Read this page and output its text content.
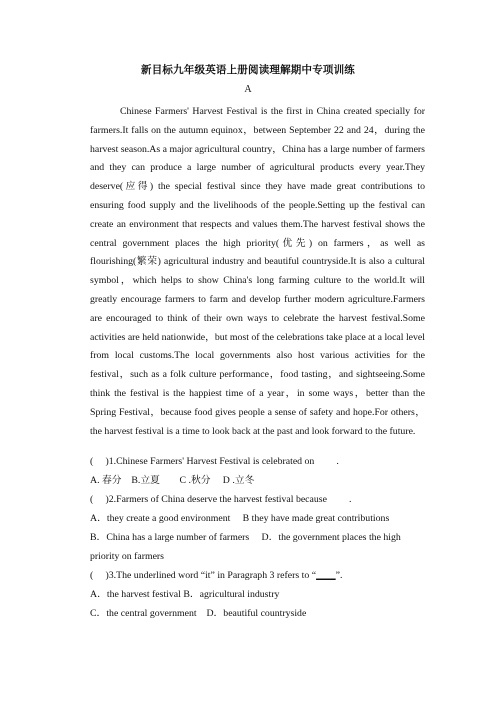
新目标九年级英语上册阅读理解期中专项训练
A

Chinese Farmers' Harvest Festival is the first in China created specially for farmers.It falls on the autumn equinox，between September 22 and 24，during the harvest season.As a major agricultural country，China has a large number of farmers and they can produce a large number of agricultural products every year.They deserve(应得) the special festival since they have made great contributions to ensuring food supply and the livelihoods of the people.Setting up the festival can create an environment that respects and values them.The harvest festival shows the central government places the high priority(优先) on farmers，as well as flourishing(繁荣) agricultural industry and beautiful countryside.It is also a cultural symbol，which helps to show China's long farming culture to the world.It will greatly encourage farmers to farm and develop further modern agriculture.Farmers are encouraged to think of their own ways to celebrate the harvest festival.Some activities are held nationwide，but most of the celebrations take place at a local level from local customs.The local governments also host various activities for the festival，such as a folk culture performance，food tasting，and sightseeing.Some think the festival is the happiest time of a year，in some ways，better than the Spring Festival，because food gives people a sense of safety and hope.For others，the harvest festival is a time to look back at the past and look forward to the future.

(　 )1.Chinese Farmers' Harvest Festival is celebrated on 　　.

A. 春分　B.立夏　　C .秋分　 D .立冬

(　 )2.Farmers of China deserve the harvest festival because 　　.

A．they create a good environment　 B they have made great contributions

B．China has a large number of farmers　 D．the government places the high priority on farmers

(　 )3.The underlined word “it” in Paragraph 3 refers to “____”.

A．the harvest festival B．agricultural industry

C．the central government　D．beautiful countryside
